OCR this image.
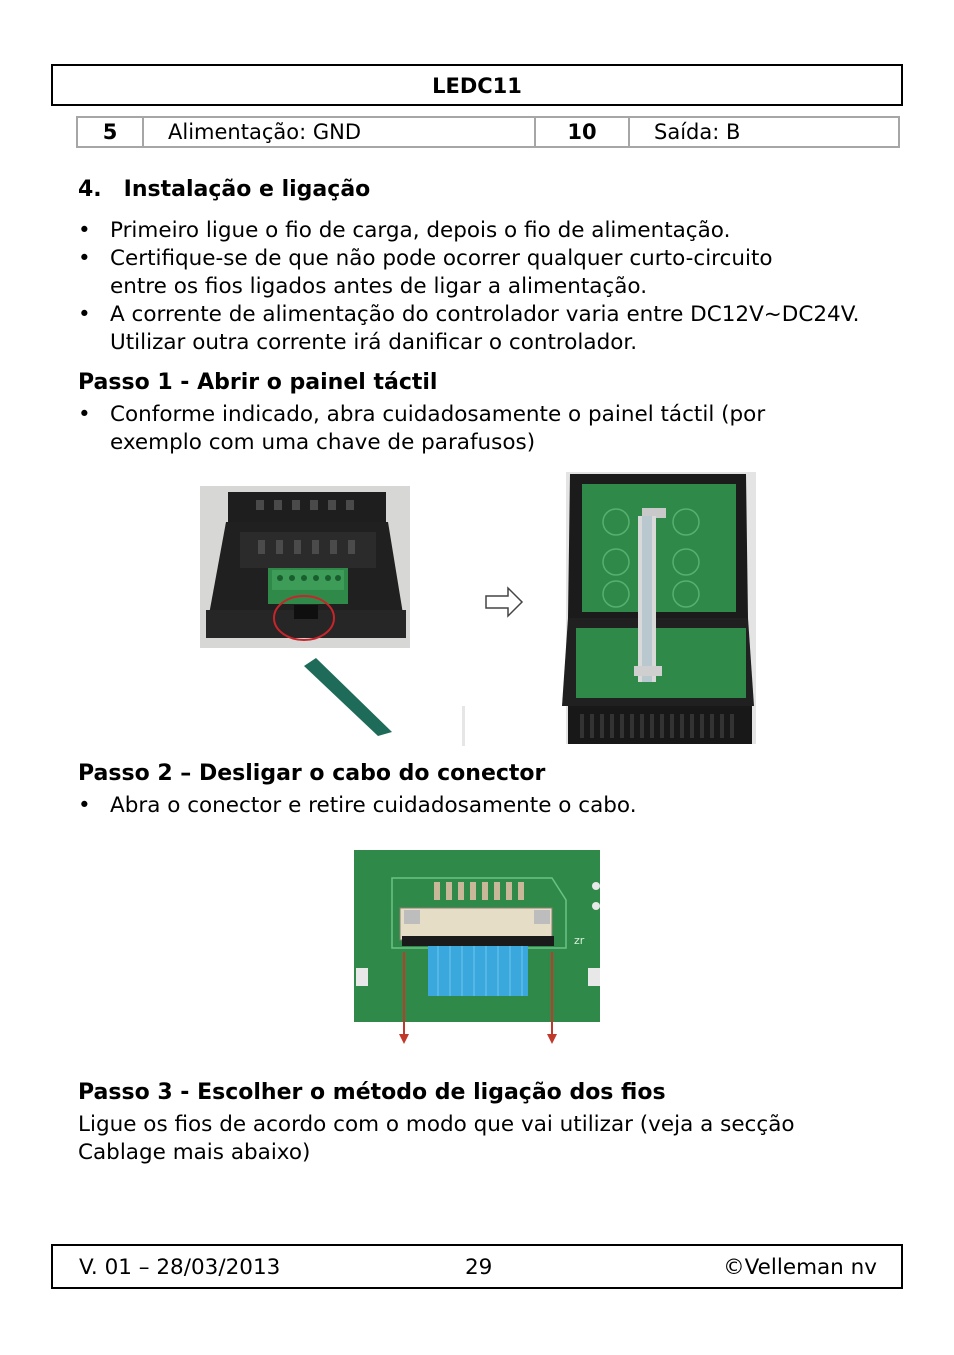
LEDC11
5	Alimentação: GND	10	Saída: B
4. Instalação e ligação
• Primeiro ligue o fio de carga, depois o fio de alimentação.
• Certifique-se de que não pode ocorrer qualquer curto-circuito entre os fios ligados antes de ligar a alimentação.
• A corrente de alimentação do controlador varia entre DC12V~DC24V. Utilizar outra corrente irá danificar o controlador.
Passo 1 - Abrir o painel táctil
• Conforme indicado, abra cuidadosamente o painel táctil (por exemplo com uma chave de parafusos)
Passo 2 – Desligar o cabo do conector
• Abra o conector e retire cuidadosamente o cabo.
zr
Passo 3 - Escolher o método de ligação dos fios

Ligue os fios de acordo com o modo que vai utilizar (veja a secção Cablage mais abaixo)

V. 01 – 28/03/2013	29	©Velleman nv
